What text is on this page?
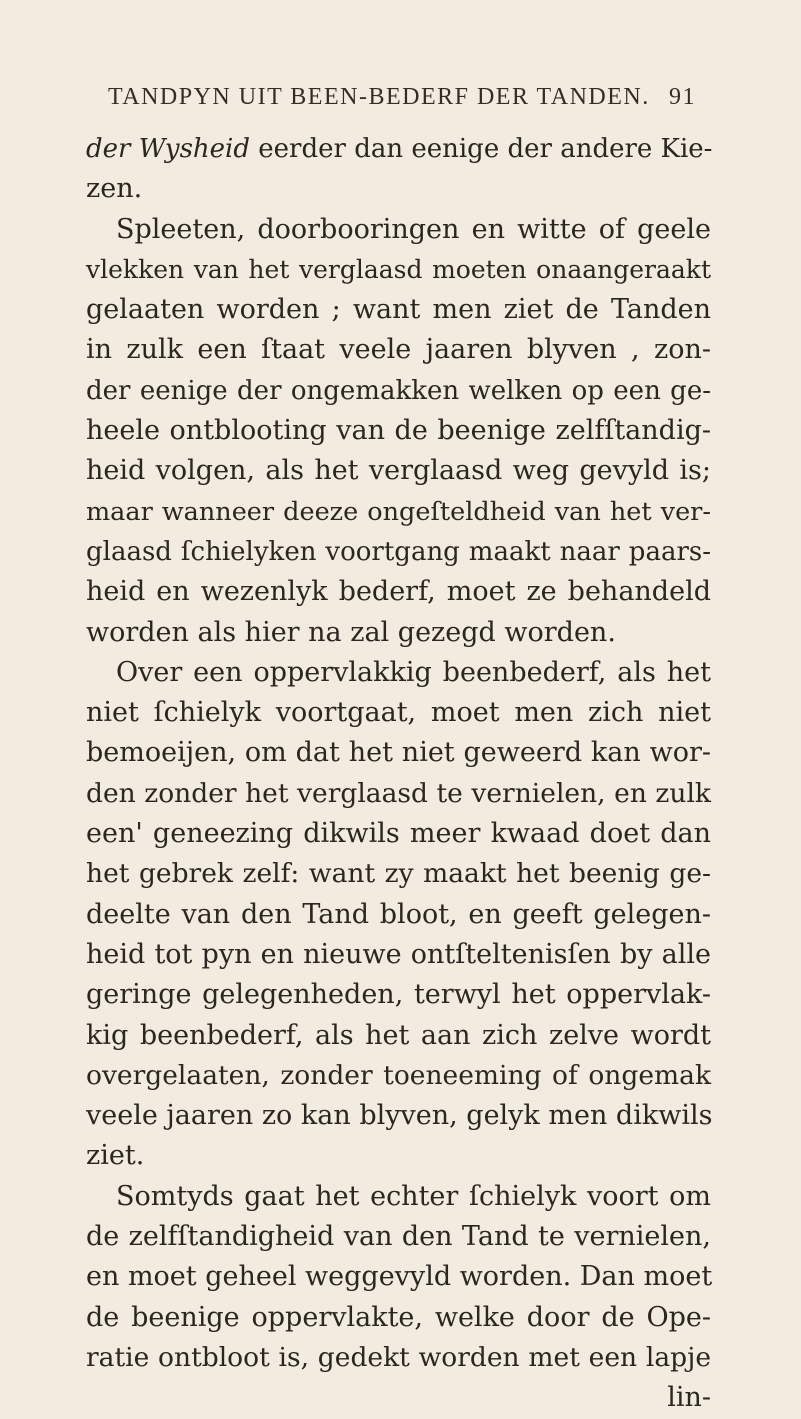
TANDPYN UIT BEEN-BEDERF DER TANDEN. 91
der Wysheid eerder dan eenige der andere Kie-
zen.
Spleeten, doorbooringen en witte of geele
vlekken van het verglaasd moeten onaangeraakt
gelaaten worden ; want men ziet de Tanden
in zulk een ſtaat veele jaaren blyven , zon-
der eenige der ongemakken welken op een ge-
heele ontblooting van de beenige zelfſtandig-
heid volgen, als het verglaasd weg gevyld is;
maar wanneer deeze ongeſteldheid van het ver-
glaasd ſchielyken voortgang maakt naar paars-
heid en wezenlyk bederf, moet ze behandeld
worden als hier na zal gezegd worden.
Over een oppervlakkig beenbederf, als het
niet ſchielyk voortgaat, moet men zich niet
bemoeijen, om dat het niet geweerd kan wor-
den zonder het verglaasd te vernielen, en zulk
een' geneezing dikwils meer kwaad doet dan
het gebrek zelf: want zy maakt het beenig ge-
deelte van den Tand bloot, en geeft gelegen-
heid tot pyn en nieuwe ontſteltenisſen by alle
geringe gelegenheden, terwyl het oppervlak-
kig beenbederf, als het aan zich zelve wordt
overgelaaten, zonder toeneeming of ongemak
veele jaaren zo kan blyven, gelyk men dikwils
ziet.
Somtyds gaat het echter ſchielyk voort om
de zelfſtandigheid van den Tand te vernielen,
en moet geheel weggevyld worden. Dan moet
de beenige oppervlakte, welke door de Ope-
ratie ontbloot is, gedekt worden met een lapje
lin-
